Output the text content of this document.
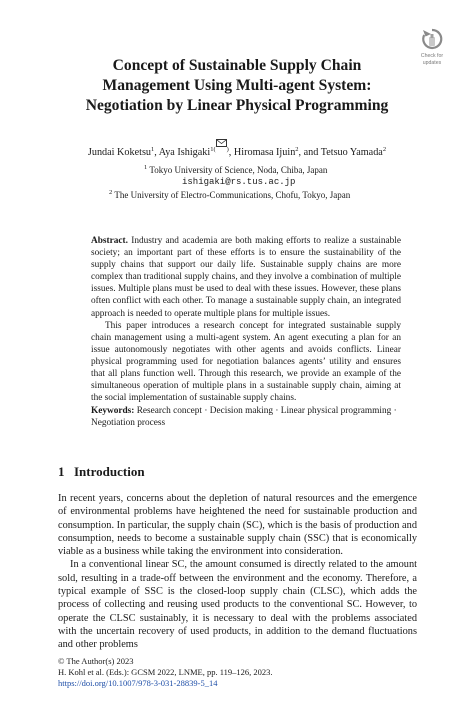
Check for
updates
Concept of Sustainable Supply Chain
Management Using Multi-agent System:
Negotiation by Linear Physical Programming
Jundai Koketsu$^1$, Aya Ishigaki$^{1( )}$, Hiromasa Ijuin$^2$, and Tetsuo Yamada$^2$
$^1$ Tokyo University of Science, Noda, Chiba, Japan
ishigaki@rs.tus.ac.jp
$^2$ The University of Electro-Communications, Chofu, Tokyo, Japan

Abstract. Industry and academia are both making efforts to realize a sustainable society; an important part of these efforts is to ensure the sustainability of the supply chains that support our daily life. Sustainable supply chains are more complex than traditional supply chains, and they involve a combination of multiple issues. Multiple plans must be used to deal with these issues. However, these plans often conflict with each other. To manage a sustainable supply chain, an integrated approach is needed to operate multiple plans for multiple issues.

This paper introduces a research concept for integrated sustainable supply chain management using a multi-agent system. An agent executing a plan for an issue autonomously negotiates with other agents and avoids conflicts. Linear physical programming used for negotiation balances agents’ utility and ensures that all plans function well. Through this research, we provide an example of the simultaneous operation of multiple plans in a sustainable supply chain, aiming at the social implementation of sustainable supply chains.

Keywords: Research concept · Decision making · Linear physical programming · Negotiation process
1 Introduction

In recent years, concerns about the depletion of natural resources and the emergence of environmental problems have heightened the need for sustainable production and consumption. In particular, the supply chain (SC), which is the basis of production and consumption, needs to become a sustainable supply chain (SSC) that is economically viable as a business while taking the environment into consideration.

In a conventional linear SC, the amount consumed is directly related to the amount sold, resulting in a trade-off between the environment and the economy. Therefore, a typical example of SSC is the closed-loop supply chain (CLSC), which adds the process of collecting and reusing used products to the conventional SC. However, to operate the CLSC sustainably, it is necessary to deal with the problems associated with the uncertain recovery of used products, in addition to the demand fluctuations and other problems

© The Author(s) 2023
H. Kohl et al. (Eds.): GCSM 2022, LNME, pp. 119–126, 2023.
https://doi.org/10.1007/978-3-031-28839-5_14
